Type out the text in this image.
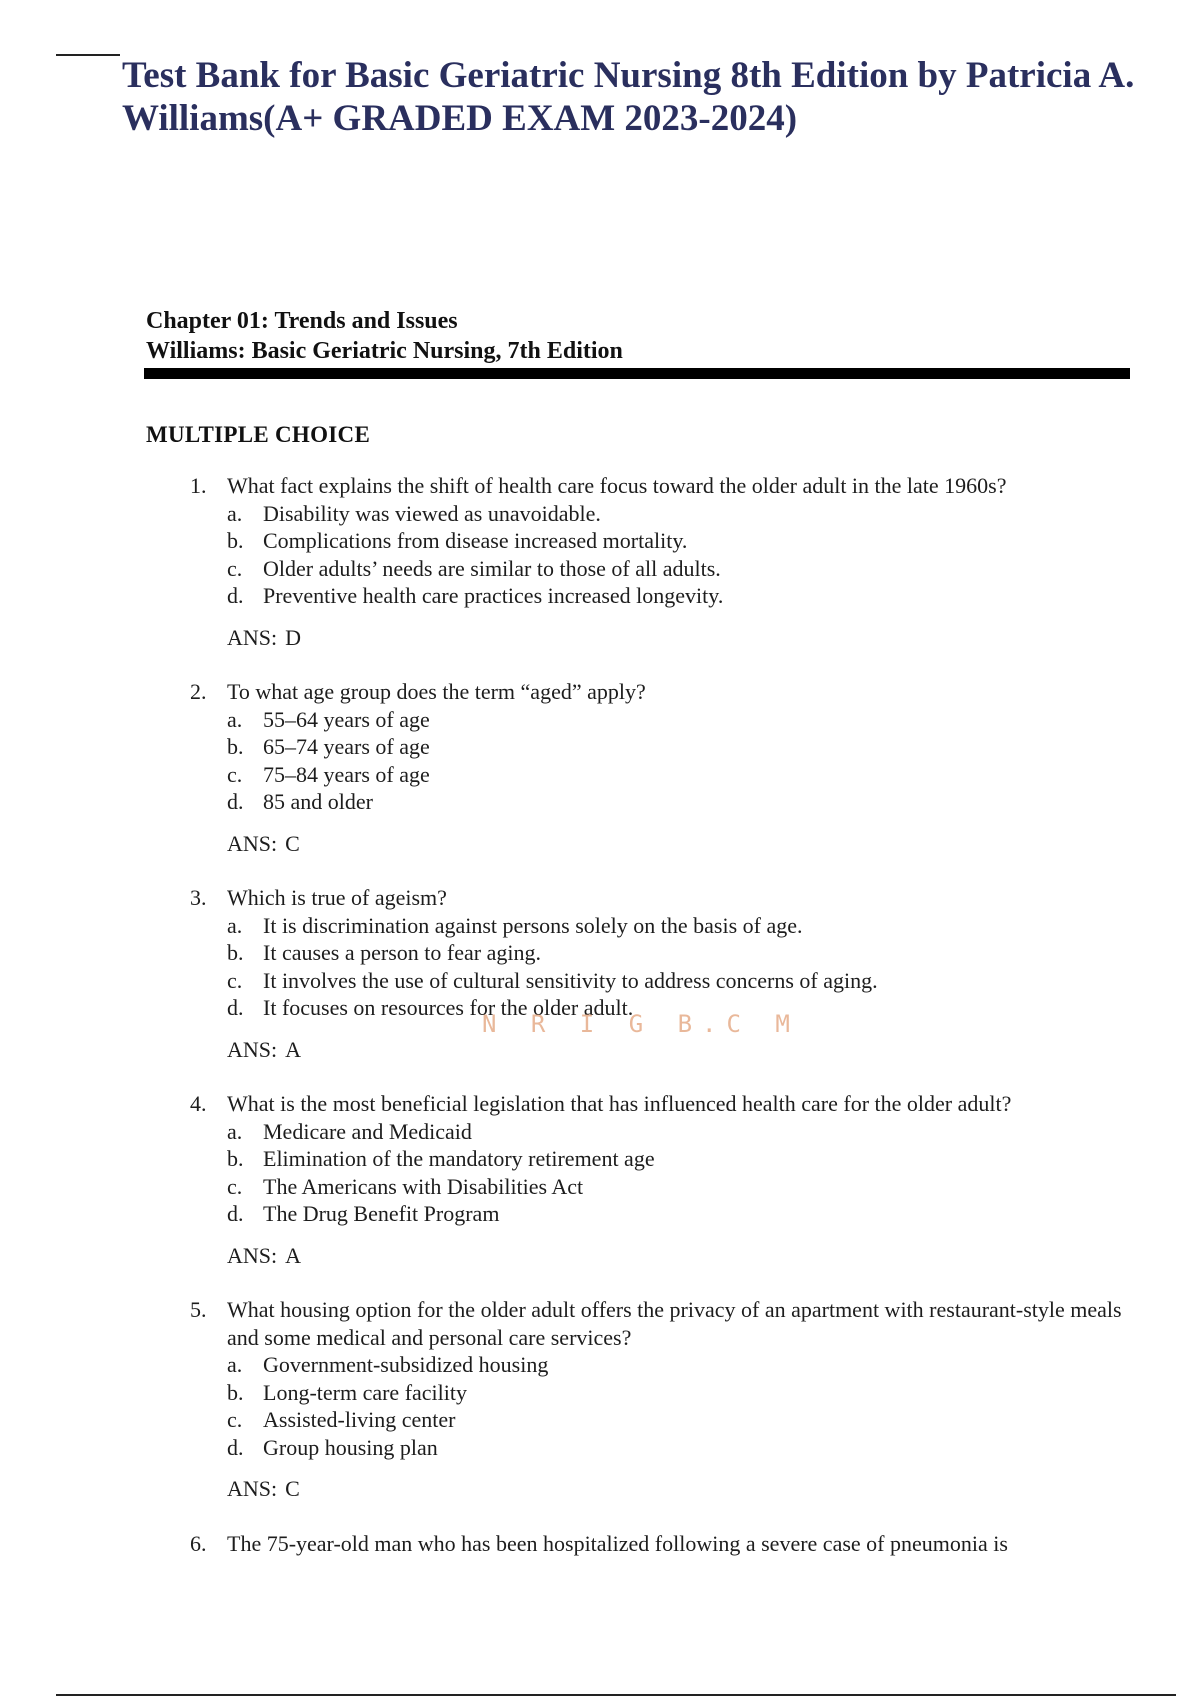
Test Bank for Basic Geriatric Nursing 8th Edition by Patricia A.
Williams(A+ GRADED EXAM 2023-2024)
Chapter 01: Trends and Issues
Williams: Basic Geriatric Nursing, 7th Edition
MULTIPLE CHOICE
1. What fact explains the shift of health care focus toward the older adult in the late 1960s?
a. Disability was viewed as unavoidable.
b. Complications from disease increased mortality.
c. Older adults’ needs are similar to those of all adults.
d. Preventive health care practices increased longevity.
ANS: D
2. To what age group does the term “aged” apply?
a. 55–64 years of age
b. 65–74 years of age
c. 75–84 years of age
d. 85 and older
ANS: C
3. Which is true of ageism?
a. It is discrimination against persons solely on the basis of age.
b. It causes a person to fear aging.
c. It involves the use of cultural sensitivity to address concerns of aging.
d. It focuses on resources for the older adult.
ANS: A
4. What is the most beneficial legislation that has influenced health care for the older adult?
a. Medicare and Medicaid
b. Elimination of the mandatory retirement age
c. The Americans with Disabilities Act
d. The Drug Benefit Program
ANS: A
5. What housing option for the older adult offers the privacy of an apartment with restaurant-style meals and some medical and personal care services?
a. Government-subsidized housing
b. Long-term care facility
c. Assisted-living center
d. Group housing plan
ANS: C
6. The 75-year-old man who has been hospitalized following a severe case of pneumonia is
N R I G B.C M
